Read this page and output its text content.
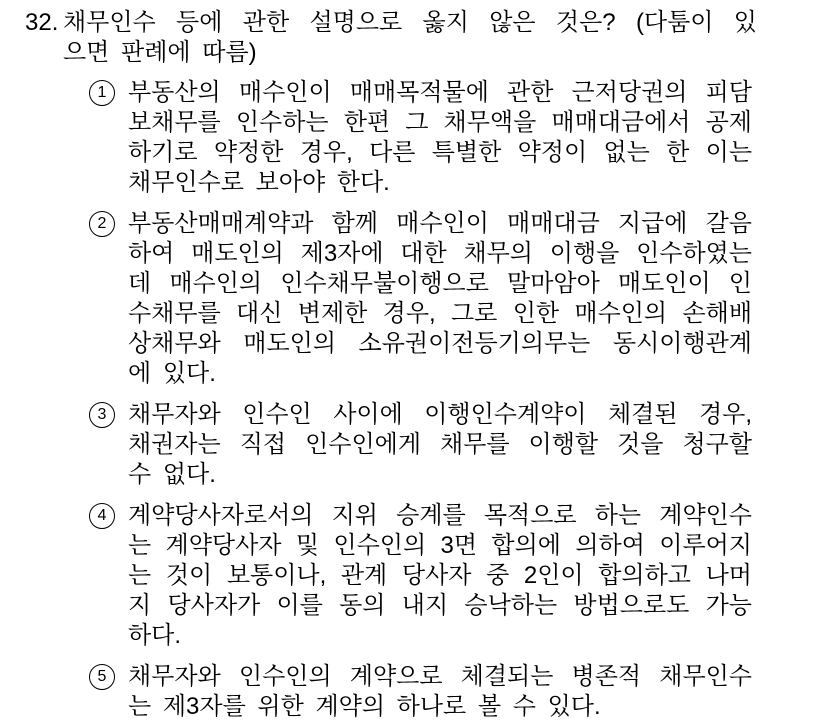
32. 채무인수 등에 관한 설명으로 옳지 않은 것은? (다툼이 있
으면 판례에 따름)
1 부동산의 매수인이 매매목적물에 관한 근저당권의 피담
보채무를 인수하는 한편 그 채무액을 매매대금에서 공제
하기로 약정한 경우, 다른 특별한 약정이 없는 한 이는
채무인수로 보아야 한다.
2 부동산매매계약과 함께 매수인이 매매대금 지급에 갈음
하여 매도인의 제3자에 대한 채무의 이행을 인수하였는
데 매수인의 인수채무불이행으로 말마암아 매도인이 인
수채무를 대신 변제한 경우, 그로 인한 매수인의 손해배
상채무와 매도인의 소유권이전등기의무는 동시이행관계
에 있다.
3 채무자와 인수인 사이에 이행인수계약이 체결된 경우,
채권자는 직접 인수인에게 채무를 이행할 것을 청구할
수 없다.
4 계약당사자로서의 지위 승계를 목적으로 하는 계약인수
는 계약당사자 및 인수인의 3면 합의에 의하여 이루어지
는 것이 보통이나, 관계 당사자 중 2인이 합의하고 나머
지 당사자가 이를 동의 내지 승낙하는 방법으로도 가능
하다.
5 채무자와 인수인의 계약으로 체결되는 병존적 채무인수
는 제3자를 위한 계약의 하나로 볼 수 있다.
